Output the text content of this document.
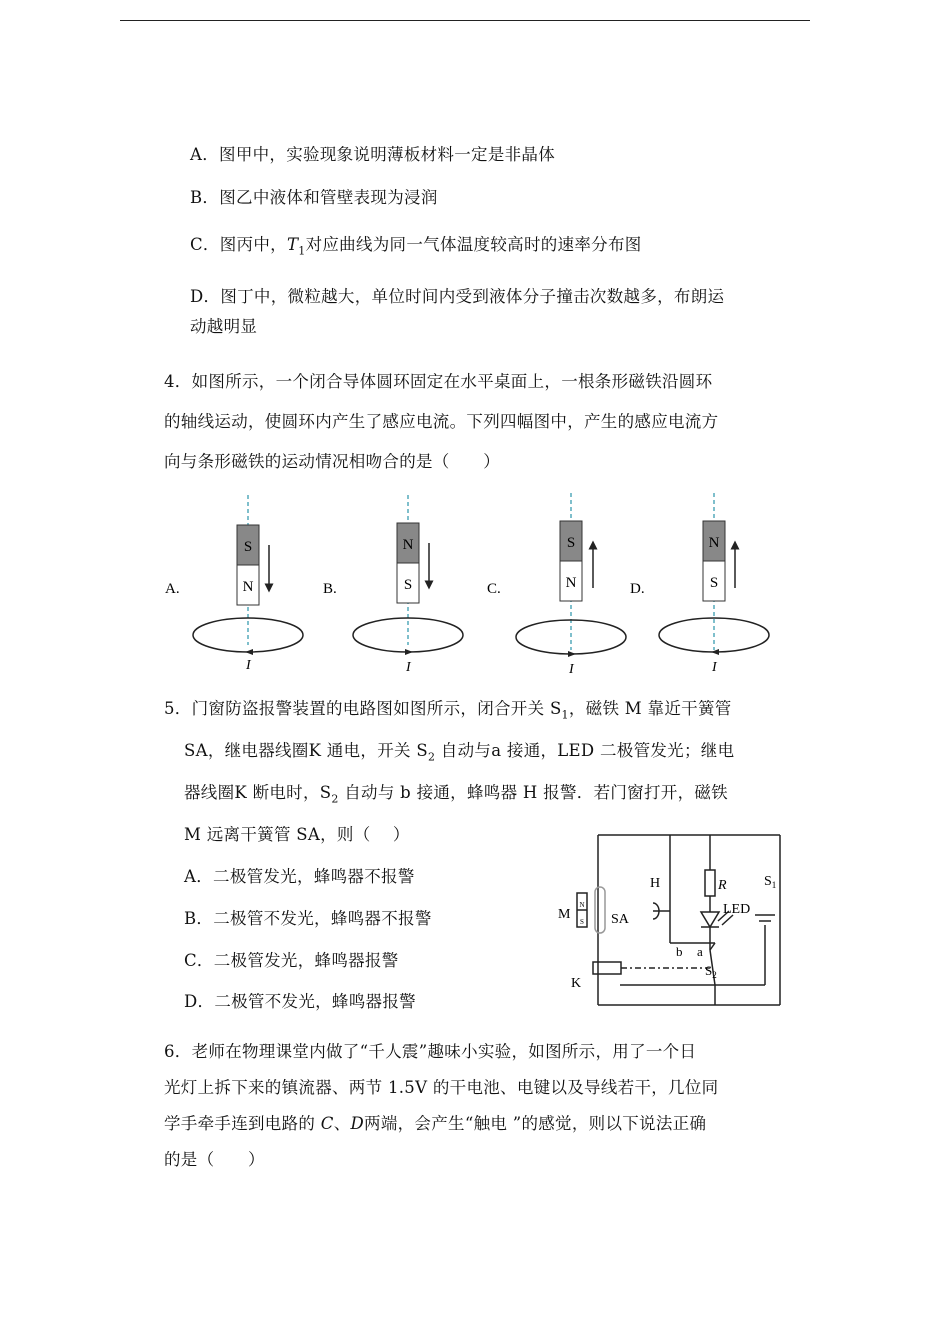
A．图甲中，实验现象说明薄板材料一定是非晶体
B．图乙中液体和管壁表现为浸润
C．图丙中，$T_1$对应曲线为同一气体温度较高时的速率分布图
D．图丁中，微粒越大，单位时间内受到液体分子撞击次数越多，布朗运
动越明显
4．如图所示，一个闭合导体圆环固定在水平桌面上，一根条形磁铁沿圆环
的轴线运动，使圆环内产生了感应电流。下列四幅图中，产生的感应电流方
向与条形磁铁的运动情况相吻合的是（　　）
A.
S
N
I
B.
N
S
I
C.
S
N
I
D.
N
S
I
5．门窗防盗报警装置的电路图如图所示，闭合开关 $S_1$，磁铁 M 靠近干簧管
SA，继电器线圈K 通电，开关 $S_2$ 自动与a 接通，LED 二极管发光；继电
器线圈K 断电时，$S_2$ 自动与 b 接通，蜂鸣器 H 报警．若门窗打开，磁铁
M 远离干簧管 SA，则（　 ）
A．二极管发光，蜂鸣器不报警
B．二极管不发光，蜂鸣器不报警
C．二极管发光，蜂鸣器报警
D．二极管不发光，蜂鸣器报警
H	R	$S_1$
LED
M
N
S SA
b a
$S_2$
K
6．老师在物理课堂内做了“千人震”趣味小实验，如图所示，用了一个日
光灯上拆下来的镇流器、两节 1.5V 的干电池、电键以及导线若干，几位同
学手牵手连到电路的 C、D两端，会产生“触电 ”的感觉，则以下说法正确
的是（　　）
